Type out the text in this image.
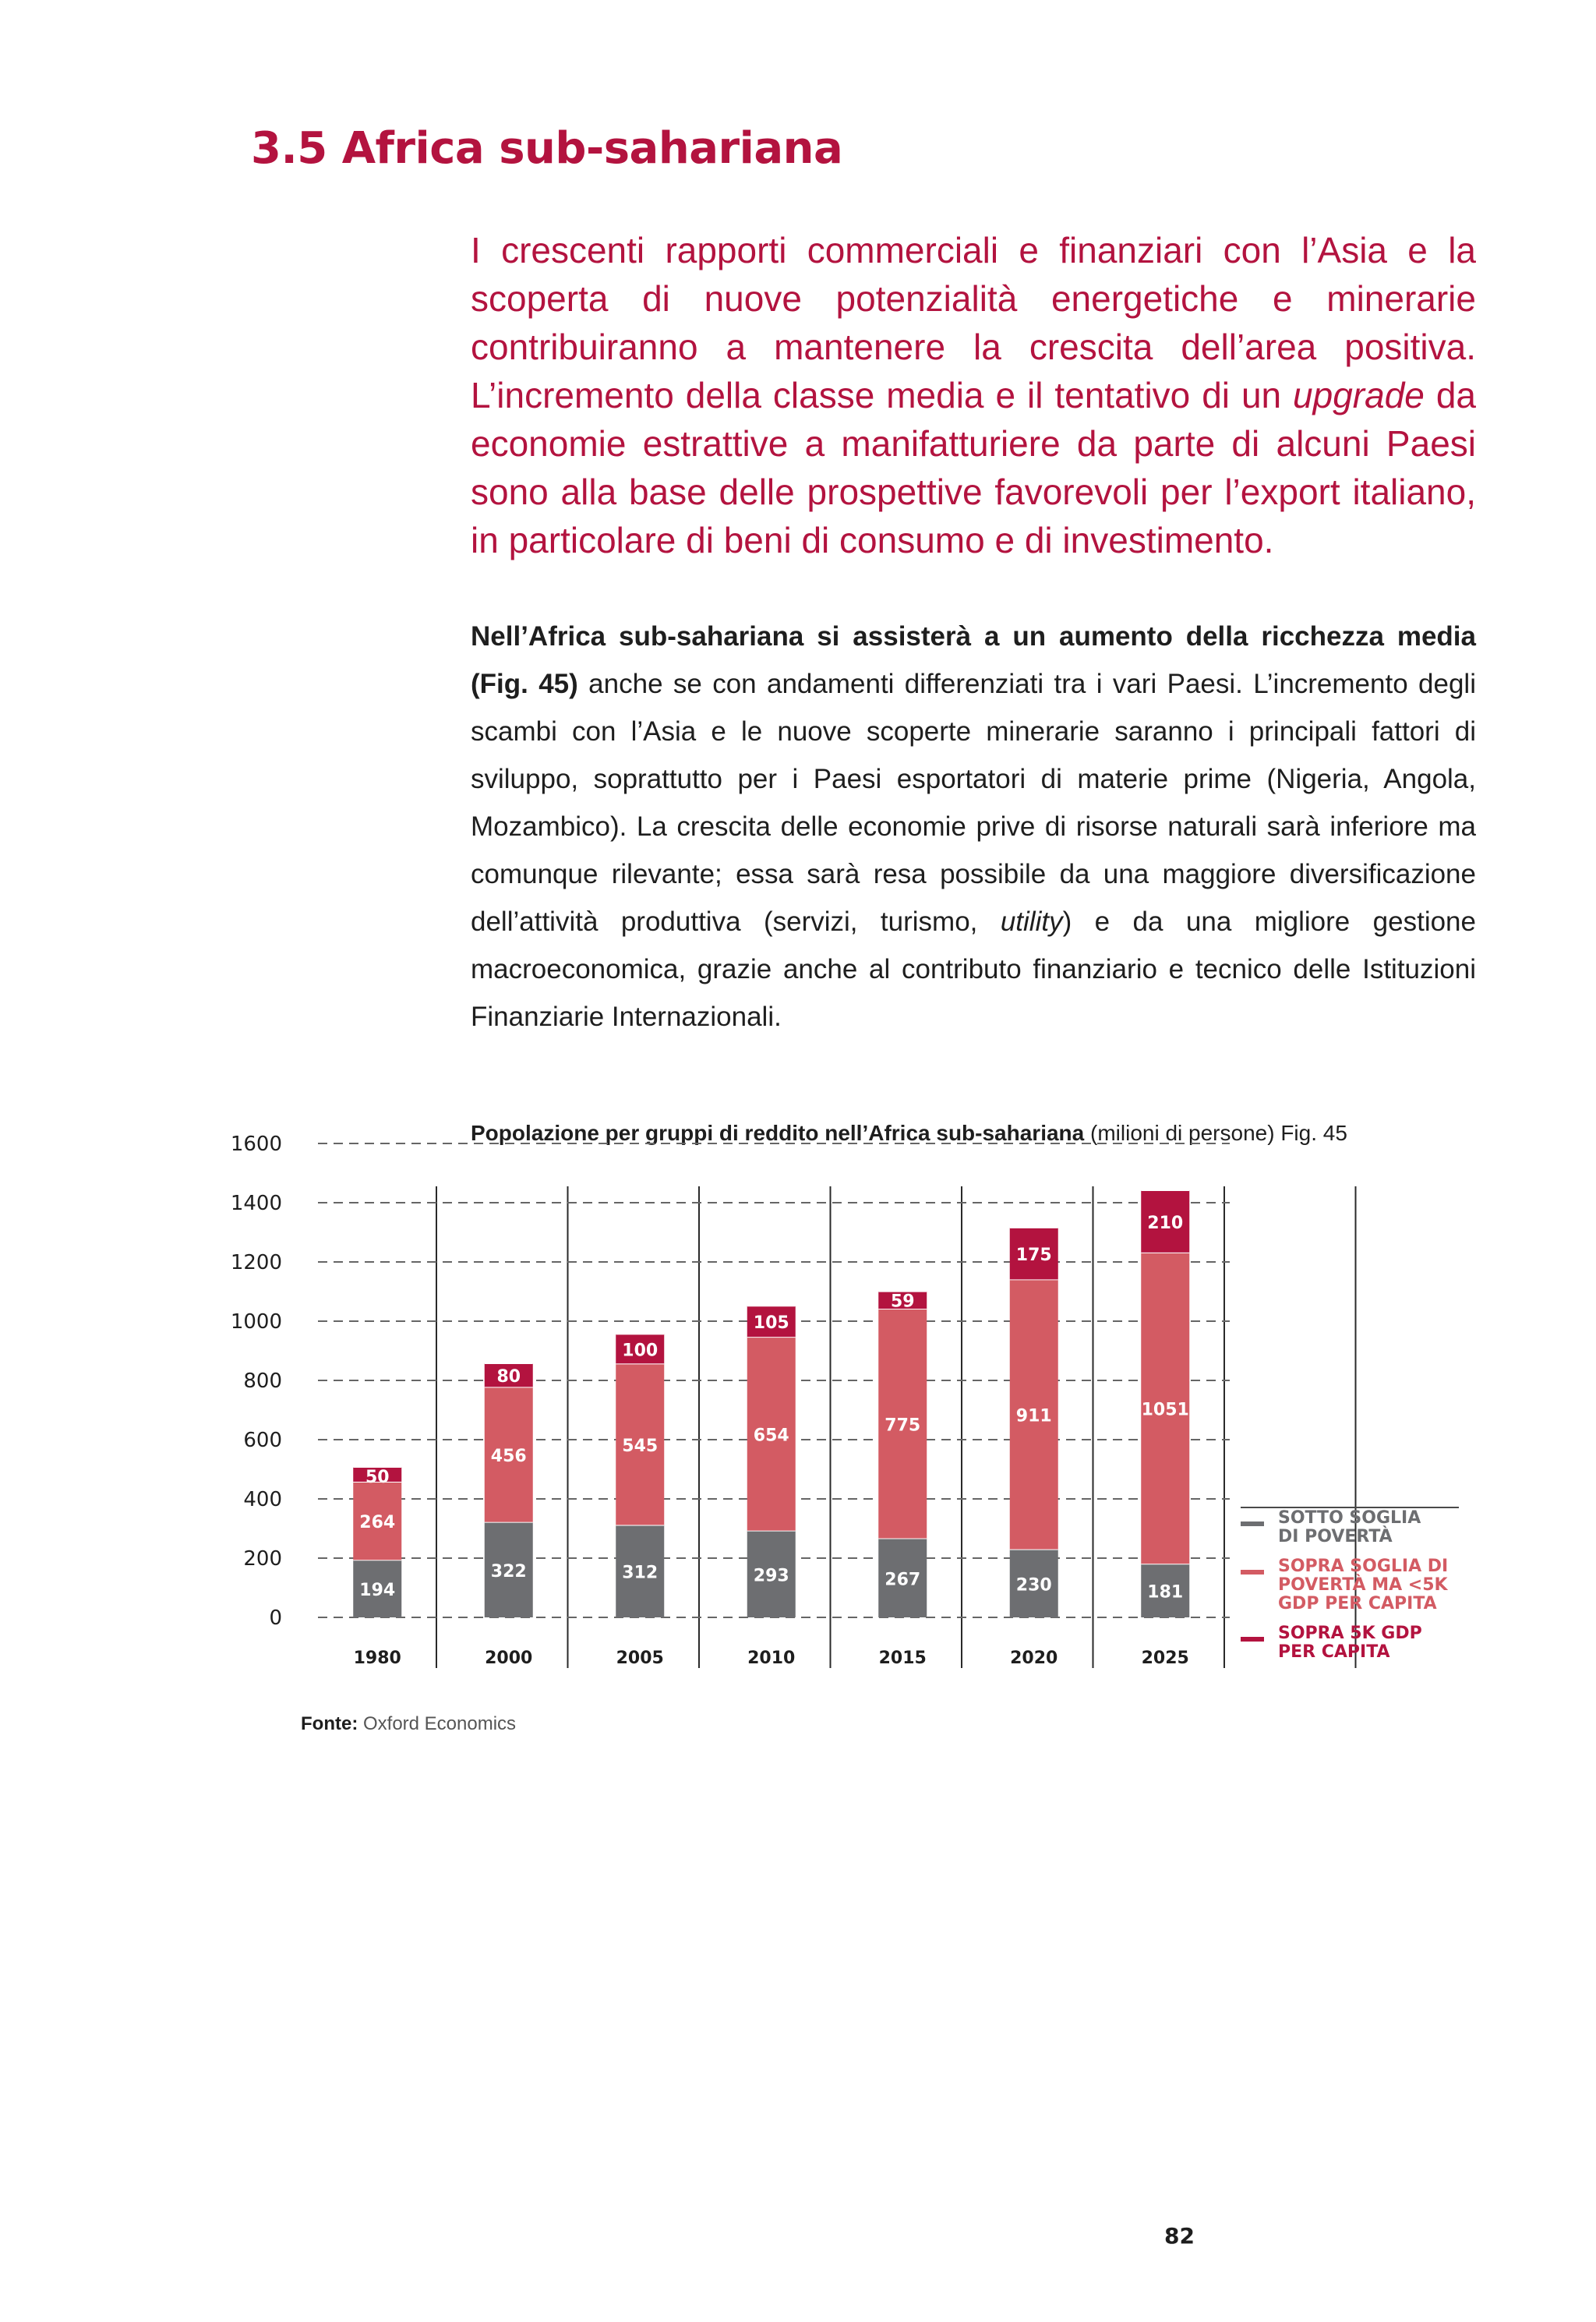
3.5 Africa sub-sahariana

I crescenti rapporti commerciali e finanziari con l’Asia e la scoperta di nuove potenzialità energetiche e minerarie contribuiranno a mantenere la crescita dell’area positiva. L’incremento della classe media e il tentativo di un upgrade da economie estrattive a manifatturiere da parte di alcuni Paesi sono alla base delle prospettive favorevoli per l’export italiano, in particolare di beni di consumo e di investimento.

Nell’Africa sub-sahariana si assisterà a un aumento della ricchezza media (Fig. 45) anche se con andamenti differenziati tra i vari Paesi. L’incremento degli scambi con l’Asia e le nuove scoperte minerarie saranno i principali fattori di sviluppo, soprattutto per i Paesi esportatori di materie prime (Nigeria, Angola, Mozambico). La crescita delle economie prive di risorse naturali sarà inferiore ma comunque rilevante; essa sarà resa possibile da una maggiore diversificazione dell’attività produttiva (servizi, turismo, utility) e da una migliore gestione macroeconomica, grazie anche al contributo finanziario e tecnico delle Istituzioni Finanziarie Internazionali.

Popolazione per gruppi di reddito nell’Africa sub-sahariana (milioni di persone) Fig. 45
0
200
400
600
800
1000
1200
1400
1600
194
264
50
1980
322
456
80
2000
312
545
100
2005
293
654
105
2010
267
775
59
2015
230
911
175
2020
181
1051
210
2025
SOTTO SOGLIA DI POVERTÀ
SOPRA SOGLIA DI POVERTÀ MA <5K GDP PER CAPITA
SOPRA 5K GDP PER CAPITA
Fonte: Oxford Economics
82
